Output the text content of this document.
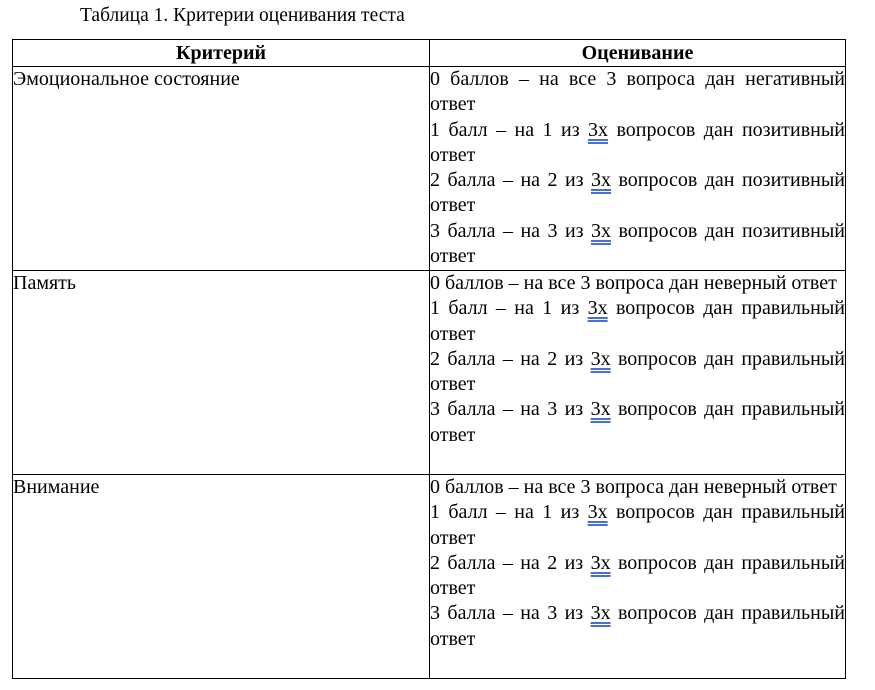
Таблица 1. Критерии оценивания теста
Критерий	Оценивание
Эмоциональное состояние	0 баллов – на все 3 вопроса дан негативный ответ
1 балл – на 1 из 3х вопросов дан позитивный ответ
2 балла – на 2 из 3х вопросов дан позитивный ответ
3 балла – на 3 из 3х вопросов дан позитивный ответ

Память	0 баллов – на все 3 вопроса дан неверный ответ
1 балл – на 1 из 3х вопросов дан правильный ответ
2 балла – на 2 из 3х вопросов дан правильный ответ
3 балла – на 3 из 3х вопросов дан правильный ответ

Внимание	0 баллов – на все 3 вопроса дан неверный ответ
1 балл – на 1 из 3х вопросов дан правильный ответ
2 балла – на 2 из 3х вопросов дан правильный ответ
3 балла – на 3 из 3х вопросов дан правильный ответ
